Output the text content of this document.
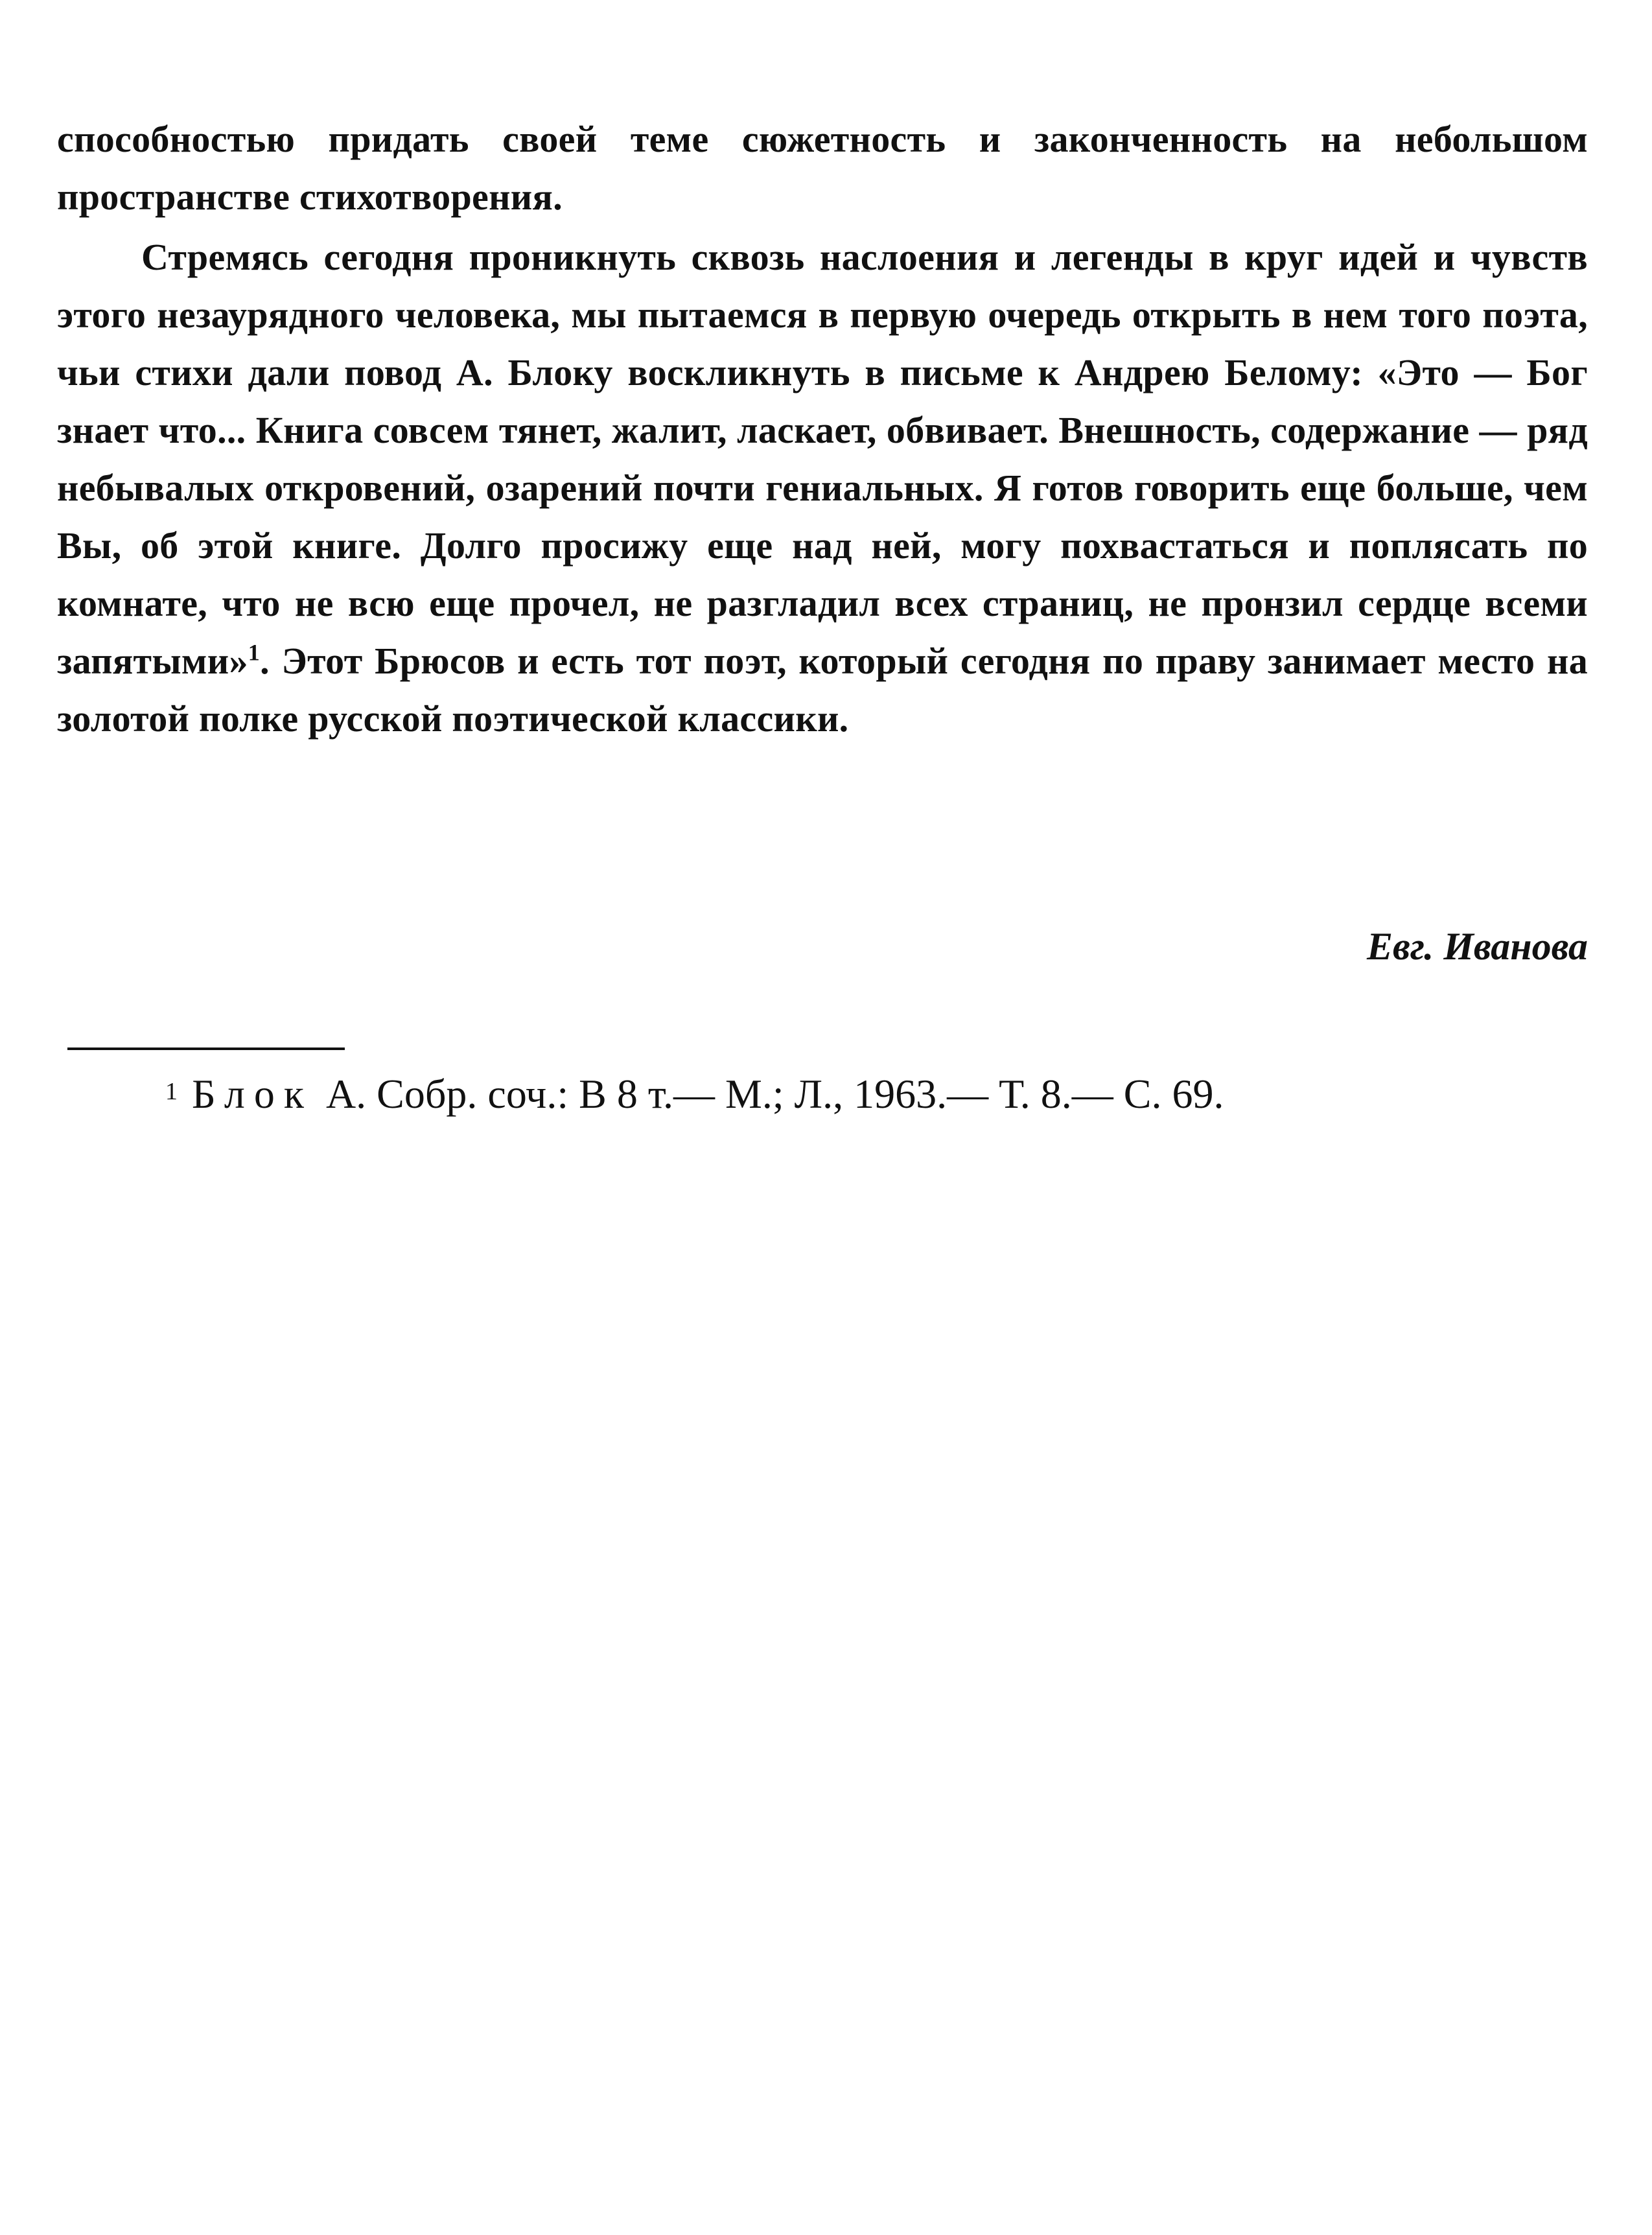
способностью придать своей теме сюжетность и законченность на небольшом пространстве стихотворения.

Стремясь сегодня проникнуть сквозь наслоения и легенды в круг идей и чувств этого незаурядного человека, мы пытаемся в первую очередь открыть в нем того поэта, чьи стихи дали повод А. Блоку воскликнуть в письме к Андрею Белому: «Это — Бог знает что... Книга совсем тянет, жалит, ласкает, обвивает. Внешность, содержание — ряд небывалых откровений, озарений почти гениальных. Я готов говорить еще больше, чем Вы, об этой книге. Долго просижу еще над ней, могу похвастаться и поплясать по комнате, что не всю еще прочел, не разгладил всех страниц, не пронзил сердце всеми запятыми»$^1$. Этот Брюсов и есть тот поэт, который сегодня по праву занимает место на золотой полке русской поэтической классики.

Евг. Иванова

$^1$ Блок А. Собр. соч.: В 8 т.— М.; Л., 1963.— Т. 8.— С. 69.
